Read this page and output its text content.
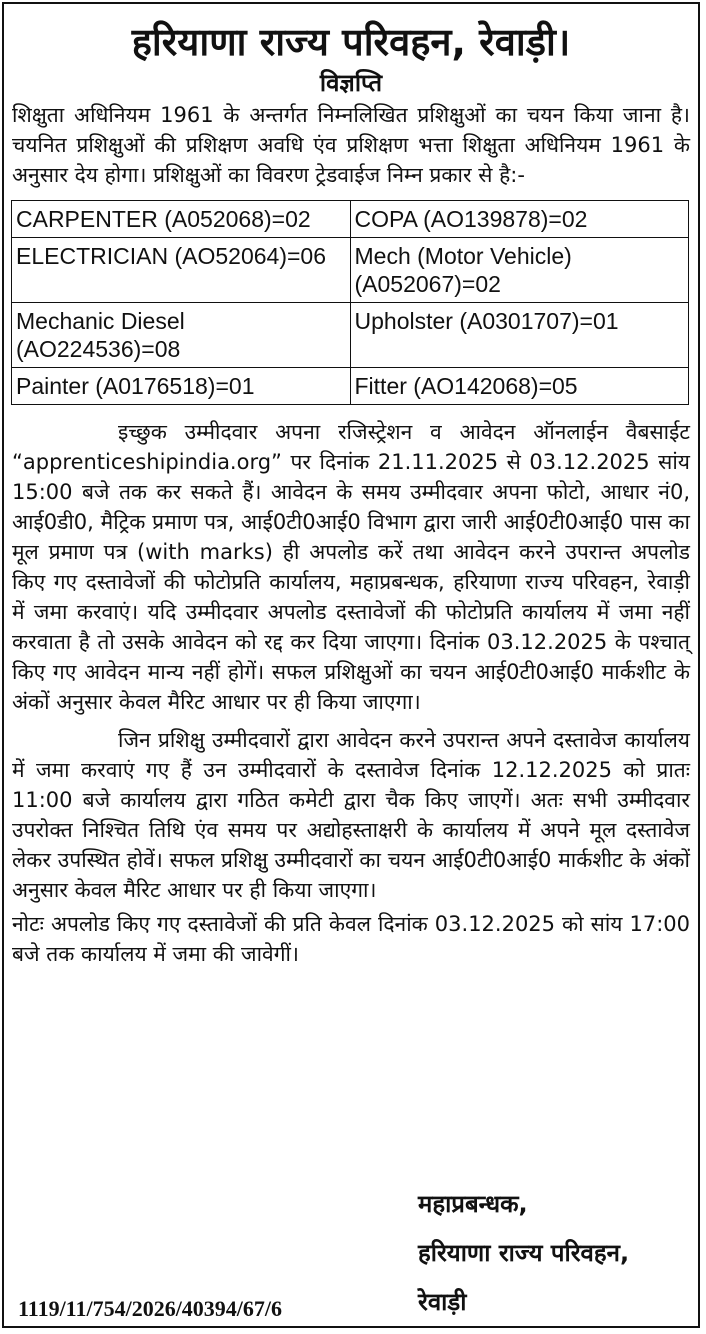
हरियाणा राज्य परिवहन, रेवाड़ी।
विज्ञप्ति

शिक्षुता अधिनियम 1961 के अन्तर्गत निम्नलिखित प्रशिक्षुओं का चयन किया जाना है। चयनित प्रशिक्षुओं की प्रशिक्षण अवधि एंव प्रशिक्षण भत्ता शिक्षुता अधिनियम 1961 के अनुसार देय होगा। प्रशिक्षुओं का विवरण ट्रेडवाईज निम्न प्रकार से है:-

CARPENTER (A052068)=02	COPA (AO139878)=02
ELECTRICIAN (AO52064)=06	Mech (Motor Vehicle) (A052067)=02
Mechanic Diesel (AO224536)=08	Upholster (A0301707)=01
Painter (A0176518)=01	Fitter (AO142068)=05

इच्छुक उम्मीदवार अपना रजिस्ट्रेशन व आवेदन ऑनलाईन वैबसाईट “apprenticeshipindia.org” पर दिनांक 21.11.2025 से 03.12.2025 सांय 15:00 बजे तक कर सकते हैं। आवेदन के समय उम्मीदवार अपना फोटो, आधार नं0, आई0डी0, मैट्रिक प्रमाण पत्र, आई0टी0आई0 विभाग द्वारा जारी आई0टी0आई0 पास का मूल प्रमाण पत्र (with marks) ही अपलोड करें तथा आवेदन करने उपरान्त अपलोड किए गए दस्तावेजों की फोटोप्रति कार्यालय, महाप्रबन्धक, हरियाणा राज्य परिवहन, रेवाड़ी में जमा करवाएं। यदि उम्मीदवार अपलोड दस्तावेजों की फोटोप्रति कार्यालय में जमा नहीं करवाता है तो उसके आवेदन को रद्द कर दिया जाएगा। दिनांक 03.12.2025 के पश्चात् किए गए आवेदन मान्य नहीं होगें। सफल प्रशिक्षुओं का चयन आई0टी0आई0 मार्कशीट के अंकों अनुसार केवल मैरिट आधार पर ही किया जाएगा।

जिन प्रशिक्षु उम्मीदवारों द्वारा आवेदन करने उपरान्त अपने दस्तावेज कार्यालय में जमा करवाएं गए हैं उन उम्मीदवारों के दस्तावेज दिनांक 12.12.2025 को प्रातः 11:00 बजे कार्यालय द्वारा गठित कमेटी द्वारा चैक किए जाएगें। अतः सभी उम्मीदवार उपरोक्त निश्चित तिथि एंव समय पर अद्योहस्ताक्षरी के कार्यालय में अपने मूल दस्तावेज लेकर उपस्थित होवें। सफल प्रशिक्षु उम्मीदवारों का चयन आई0टी0आई0 मार्कशीट के अंकों अनुसार केवल मैरिट आधार पर ही किया जाएगा।

नोटः अपलोड किए गए दस्तावेजों की प्रति केवल दिनांक 03.12.2025 को सांय 17:00 बजे तक कार्यालय में जमा की जावेगीं।

महाप्रबन्धक,
हरियाणा राज्य परिवहन,
रेवाड़ी
1119/11/754/2026/40394/67/6
